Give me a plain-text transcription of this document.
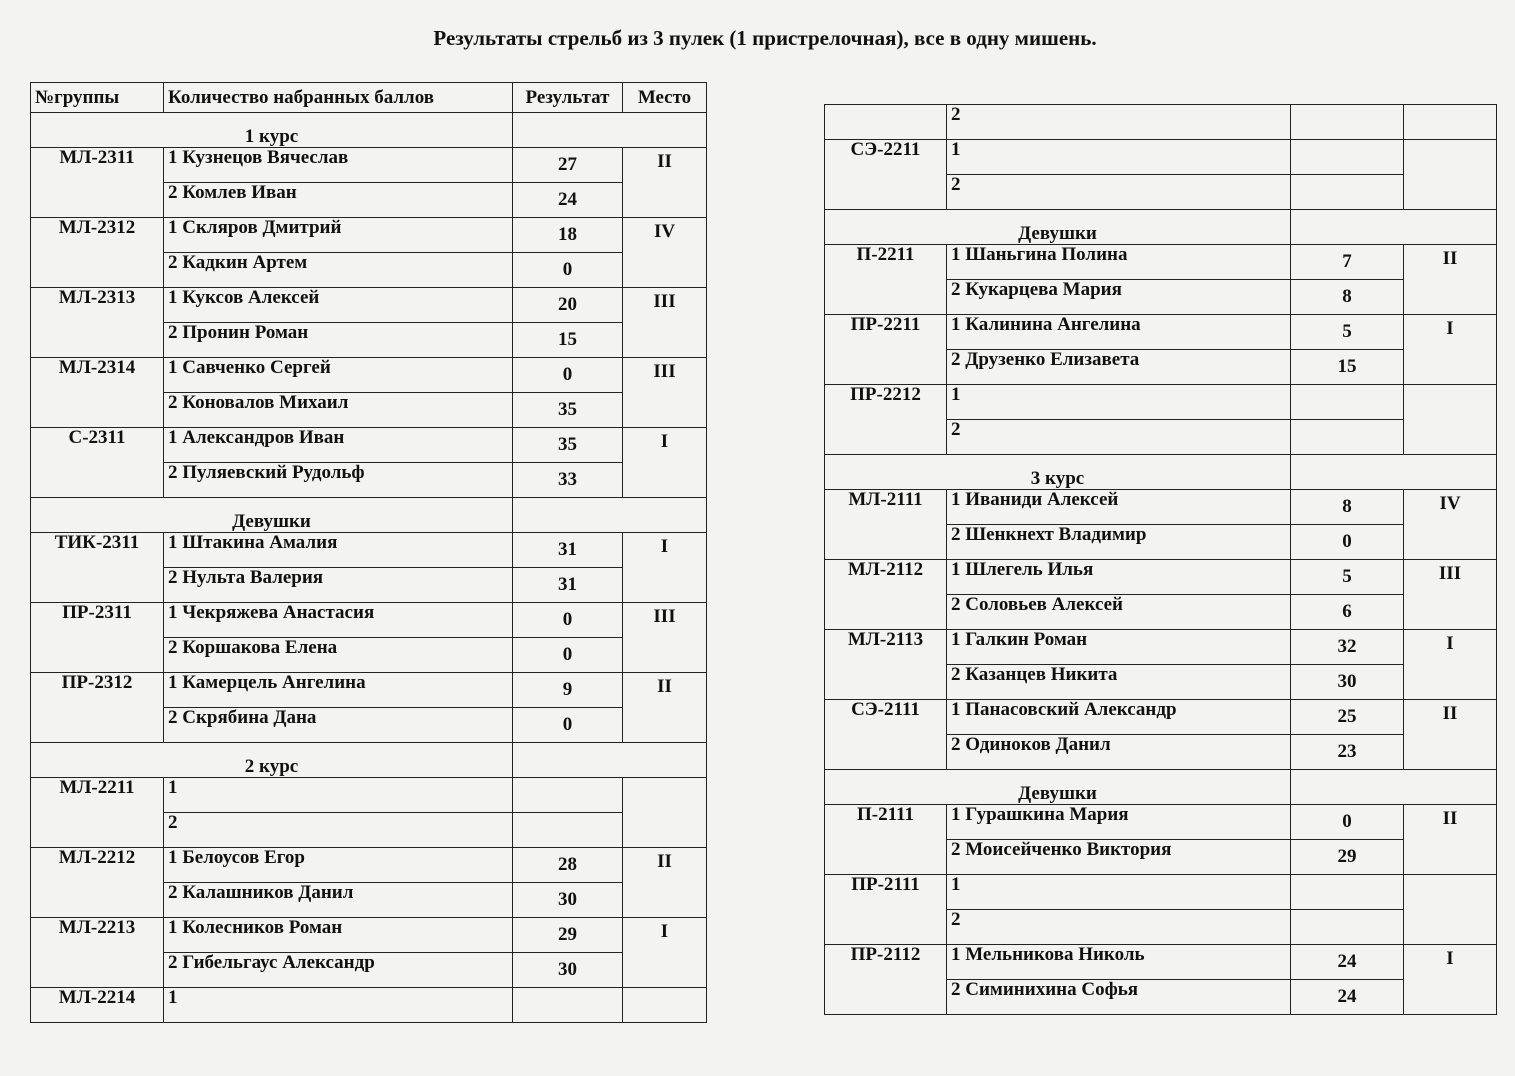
Результаты стрельб из 3 пулек (1 пристрелочная), все в одну мишень.
№группы	Количество набранных баллов	Результат	Место
1 курс			
МЛ-2311	1 Кузнецов Вячеслав	27	II
	2 Комлев Иван	24	
МЛ-2312	1 Скляров Дмитрий	18	IV
	2 Кадкин Артем	0	
МЛ-2313	1 Куксов Алексей	20	III
	2 Пронин Роман	15	
МЛ-2314	1 Савченко Сергей	0	III
	2 Коновалов Михаил	35	
С-2311	1 Александров Иван	35	I
	2 Пуляевский Рудольф	33	
Девушки			
ТИК-2311	1 Штакина Амалия	31	I
	2 Нульта Валерия	31	
ПР-2311	1 Чекряжева Анастасия	0	III
	2 Коршакова Елена	0	
ПР-2312	1 Камерцель Ангелина	9	II
	2 Скрябина Дана	0	
2 курс			
МЛ-2211	1		
	2		
МЛ-2212	1 Белоусов Егор	28	II
	2 Калашников Данил	30	
МЛ-2213	1 Колесников Роман	29	I
	2 Гибельгаус Александр	30	
МЛ-2214	1		
	2		
СЭ-2211	1		
	2		
Девушки			
П-2211	1 Шаньгина Полина	7	II
	2 Кукарцева Мария	8	
ПР-2211	1 Калинина Ангелина	5	I
	2 Друзенко Елизавета	15	
ПР-2212	1		
	2		
3 курс			
МЛ-2111	1 Иваниди Алексей	8	IV
	2 Шенкнехт Владимир	0	
МЛ-2112	1 Шлегель Илья	5	III
	2 Соловьев Алексей	6	
МЛ-2113	1 Галкин Роман	32	I
	2 Казанцев Никита	30	
СЭ-2111	1 Панасовский Александр	25	II
	2 Одиноков Данил	23	
Девушки			
П-2111	1 Гурашкина Мария	0	II
	2 Моисейченко Виктория	29	
ПР-2111	1		
	2		
ПР-2112	1 Мельникова Николь	24	I
	2 Симинихина Софья	24	
